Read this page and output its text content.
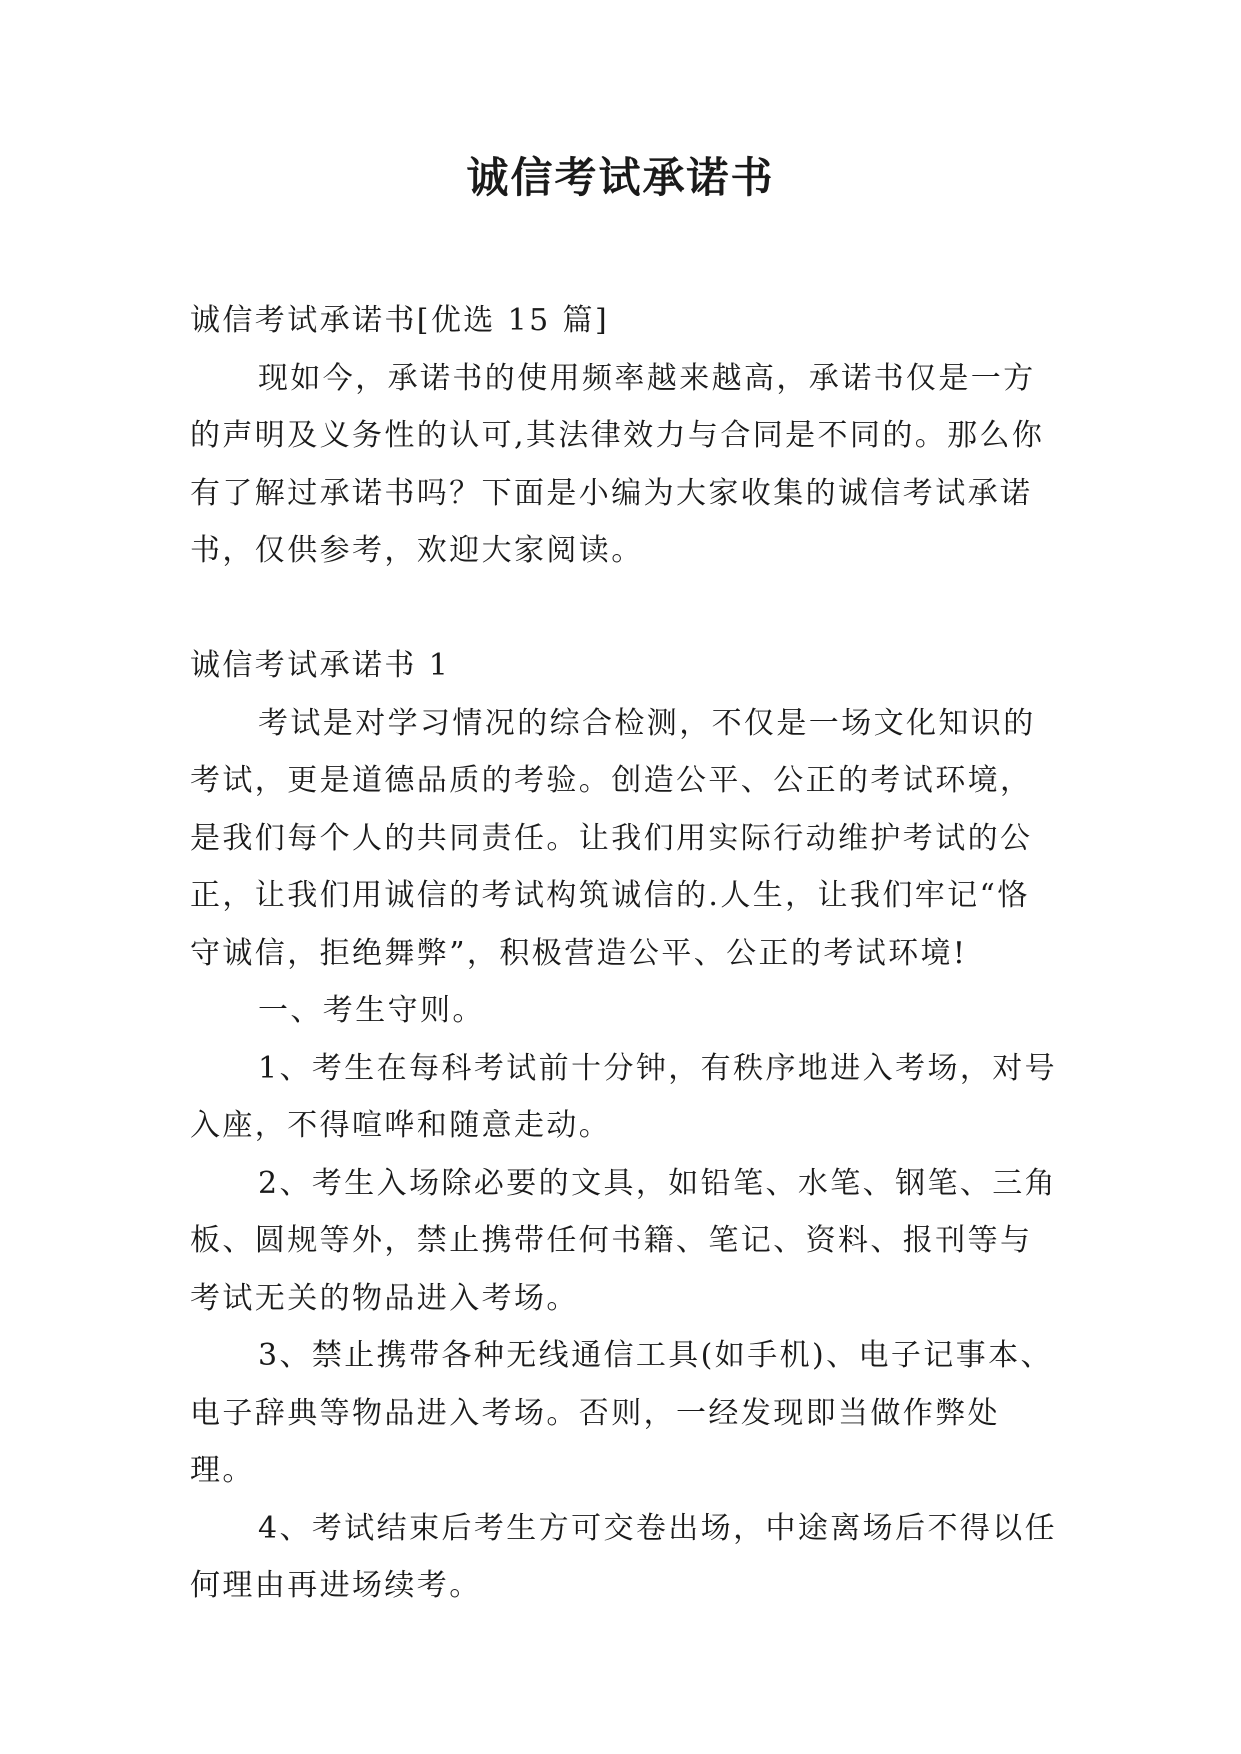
诚信考试承诺书

诚信考试承诺书[优选 15 篇]

现如今，承诺书的使用频率越来越高，承诺书仅是一方的声明及义务性的认可,其法律效力与合同是不同的。那么你有了解过承诺书吗？下面是小编为大家收集的诚信考试承诺书，仅供参考，欢迎大家阅读。

诚信考试承诺书 1

考试是对学习情况的综合检测，不仅是一场文化知识的考试，更是道德品质的考验。创造公平、公正的考试环境，是我们每个人的共同责任。让我们用实际行动维护考试的公正，让我们用诚信的考试构筑诚信的.人生，让我们牢记“恪守诚信，拒绝舞弊”，积极营造公平、公正的考试环境!

一、考生守则。

1、考生在每科考试前十分钟，有秩序地进入考场，对号入座，不得喧哗和随意走动。

2、考生入场除必要的文具，如铅笔、水笔、钢笔、三角板、圆规等外，禁止携带任何书籍、笔记、资料、报刊等与考试无关的物品进入考场。

3、禁止携带各种无线通信工具(如手机)、电子记事本、电子辞典等物品进入考场。否则，一经发现即当做作弊处理。

4、考试结束后考生方可交卷出场，中途离场后不得以任何理由再进场续考。
